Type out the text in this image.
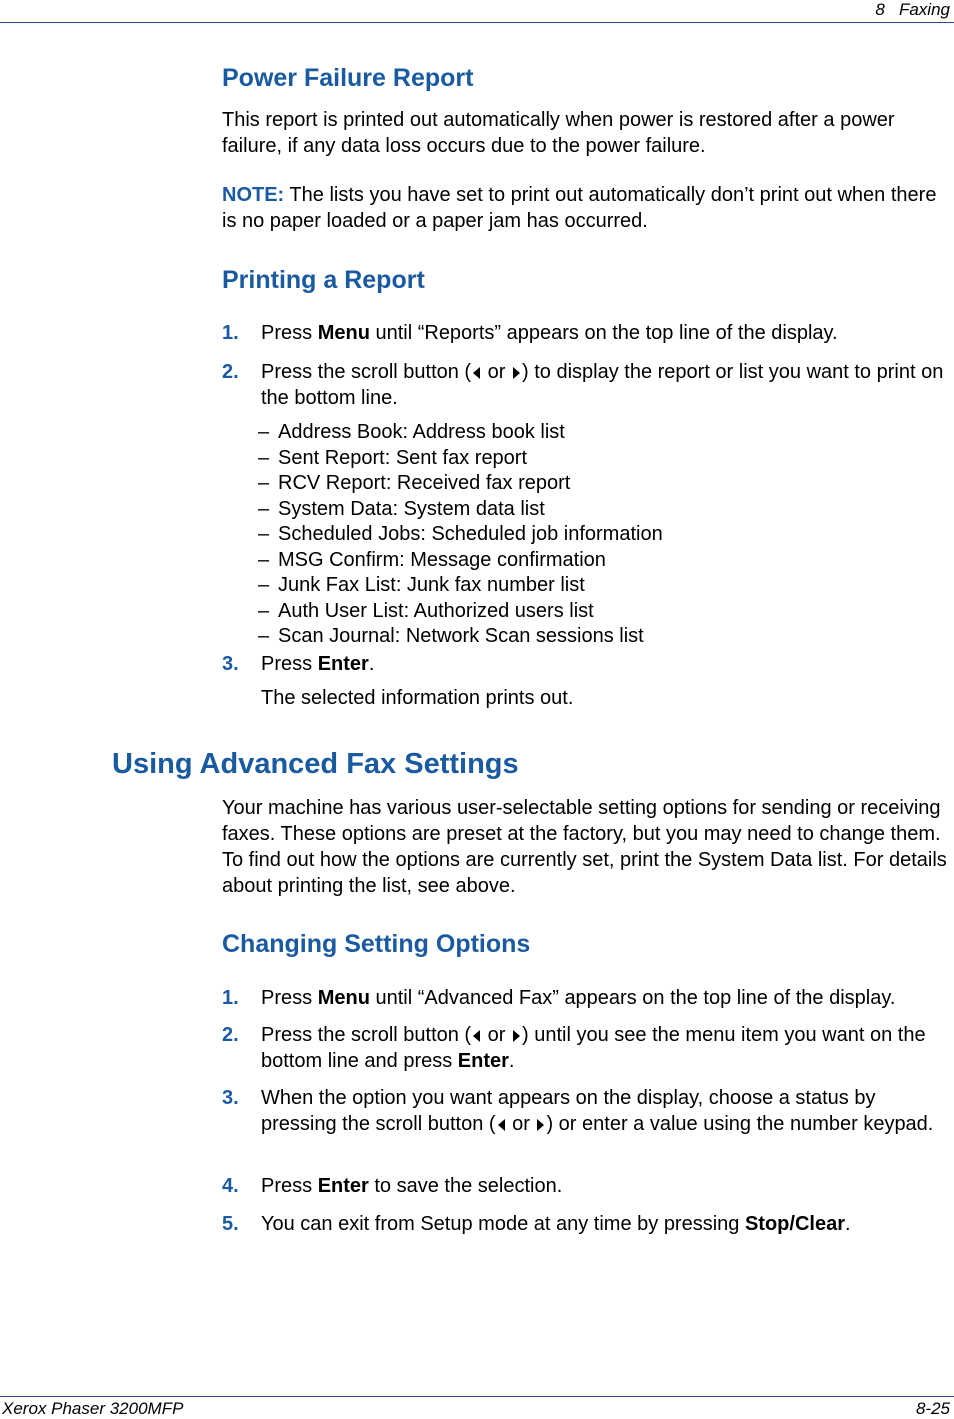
8 Faxing
Power Failure Report
This report is printed out automatically when power is restored after a power failure, if any data loss occurs due to the power failure.
NOTE: The lists you have set to print out automatically don’t print out when there is no paper loaded or a paper jam has occurred.
Printing a Report
1. Press Menu until “Reports” appears on the top line of the display.
2. Press the scroll button ( or ) to display the report or list you want to print on the bottom line.
– Address Book: Address book list
– Sent Report: Sent fax report
– RCV Report: Received fax report
– System Data: System data list
– Scheduled Jobs: Scheduled job information
– MSG Confirm: Message confirmation
– Junk Fax List: Junk fax number list
– Auth User List: Authorized users list
– Scan Journal: Network Scan sessions list
3. Press Enter.
The selected information prints out.
Using Advanced Fax Settings
Your machine has various user-selectable setting options for sending or receiving faxes. These options are preset at the factory, but you may need to change them. To find out how the options are currently set, print the System Data list. For details about printing the list, see above.
Changing Setting Options
1. Press Menu until “Advanced Fax” appears on the top line of the display.
2. Press the scroll button ( or ) until you see the menu item you want on the bottom line and press Enter.
3. When the option you want appears on the display, choose a status by pressing the scroll button ( or ) or enter a value using the number keypad.
4. Press Enter to save the selection.
5. You can exit from Setup mode at any time by pressing Stop/Clear.
Xerox Phaser 3200MFP	8-25
